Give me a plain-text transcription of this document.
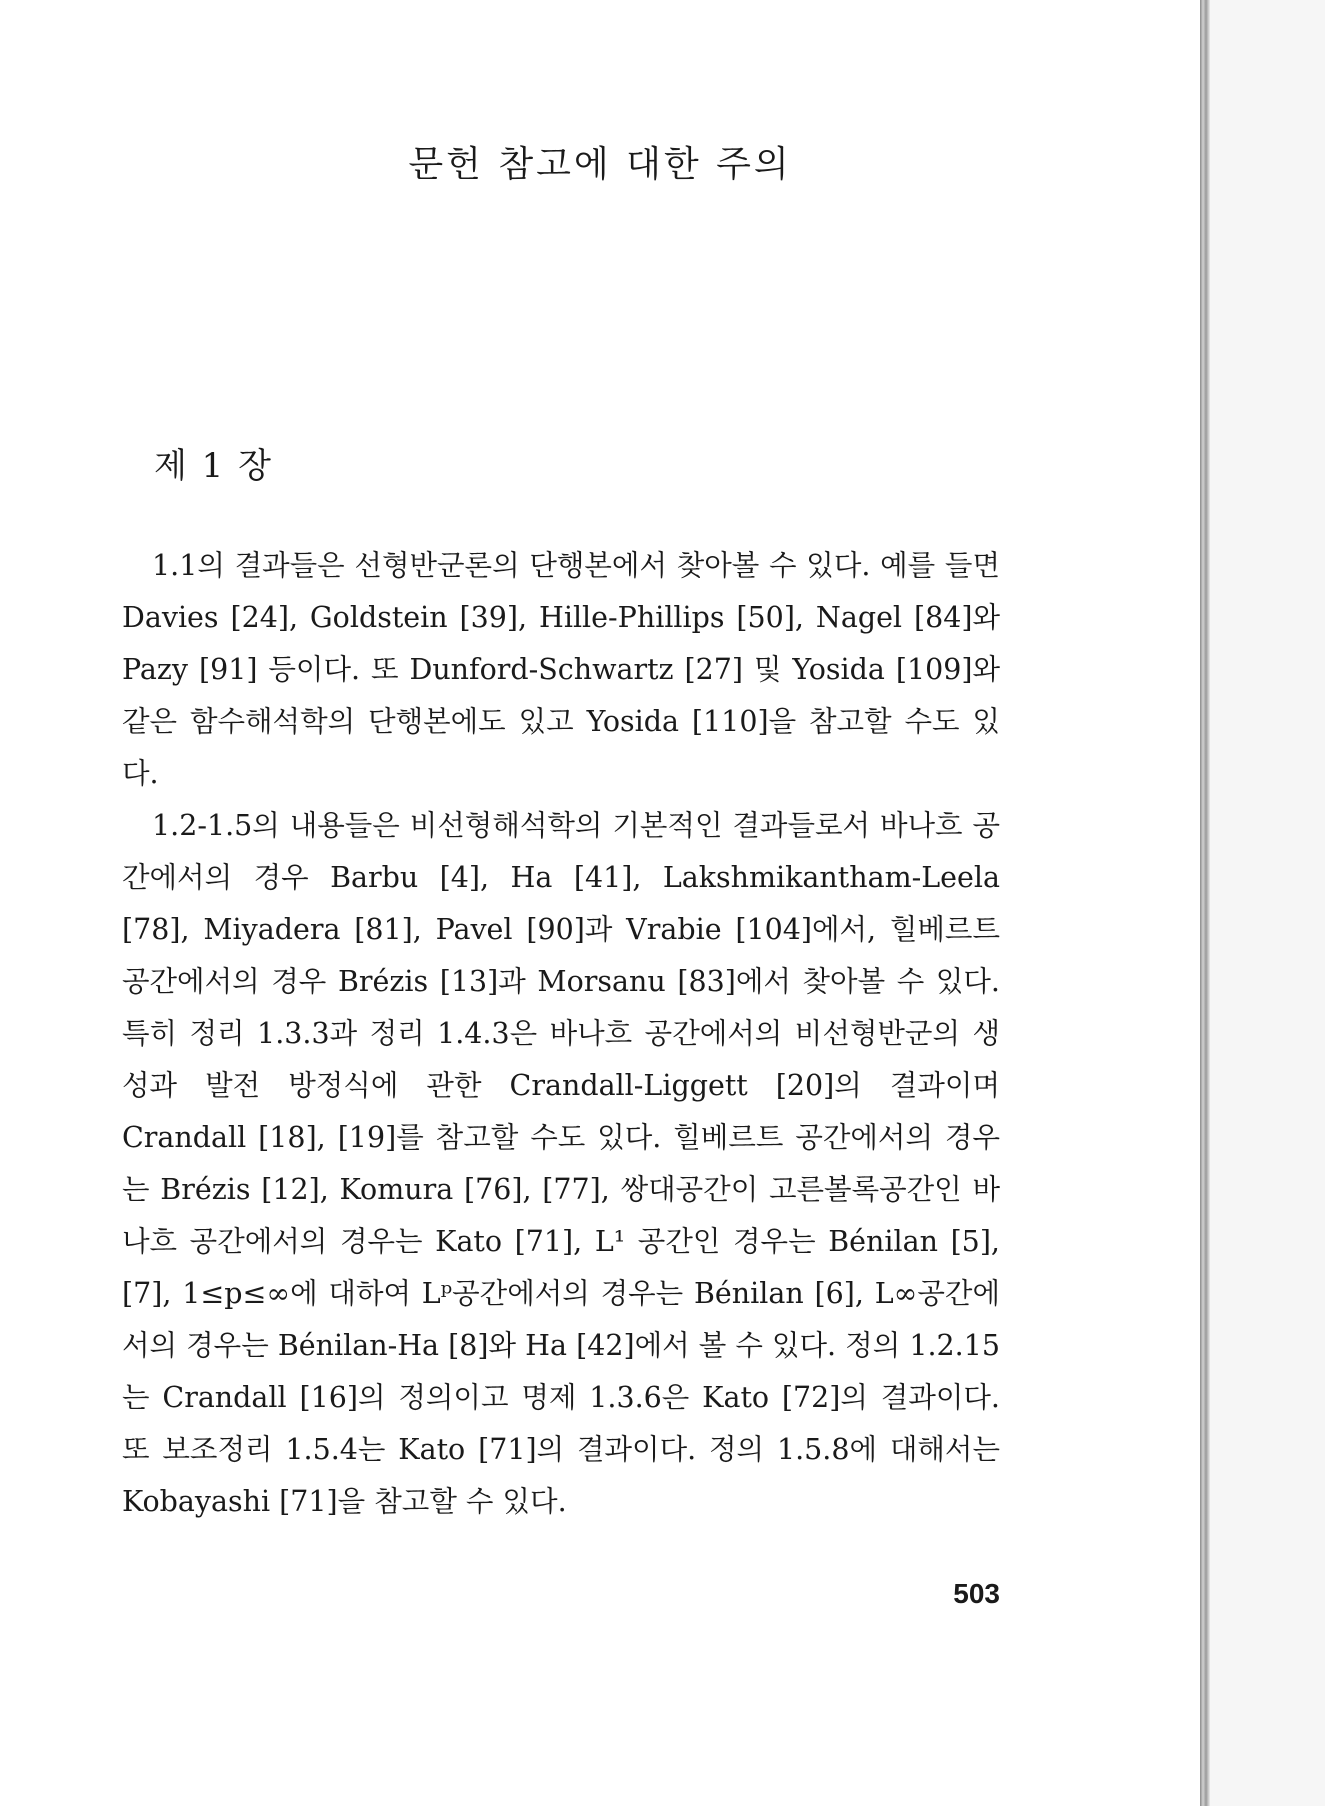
문헌 참고에 대한 주의
제 1 장

1.1의 결과들은 선형반군론의 단행본에서 찾아볼 수 있다. 예를 들면 Davies [24], Goldstein [39], Hille-Phillips [50], Nagel [84]와 Pazy [91] 등이다. 또 Dunford-Schwartz [27] 및 Yosida [109]와 같은 함수해석학의 단행본에도 있고 Yosida [110]을 참고할 수도 있다.

1.2-1.5의 내용들은 비선형해석학의 기본적인 결과들로서 바나흐 공간에서의 경우 Barbu [4], Ha [41], Lakshmikantham-Leela [78], Miyadera [81], Pavel [90]과 Vrabie [104]에서, 힐베르트 공간에서의 경우 Brézis [13]과 Morsanu [83]에서 찾아볼 수 있다. 특히 정리 1.3.3과 정리 1.4.3은 바나흐 공간에서의 비선형반군의 생성과 발전 방정식에 관한 Crandall-Liggett [20]의 결과이며 Crandall [18], [19]를 참고할 수도 있다. 힐베르트 공간에서의 경우는 Brézis [12], Komura [76], [77], 쌍대공간이 고른볼록공간인 바나흐 공간에서의 경우는 Kato [71], L¹ 공간인 경우는 Bénilan [5], [7], 1≤p≤∞에 대하여 Lᵖ공간에서의 경우는 Bénilan [6], L∞공간에서의 경우는 Bénilan-Ha [8]와 Ha [42]에서 볼 수 있다. 정의 1.2.15는 Crandall [16]의 정의이고 명제 1.3.6은 Kato [72]의 결과이다. 또 보조정리 1.5.4는 Kato [71]의 결과이다. 정의 1.5.8에 대해서는 Kobayashi [71]을 참고할 수 있다.

503
